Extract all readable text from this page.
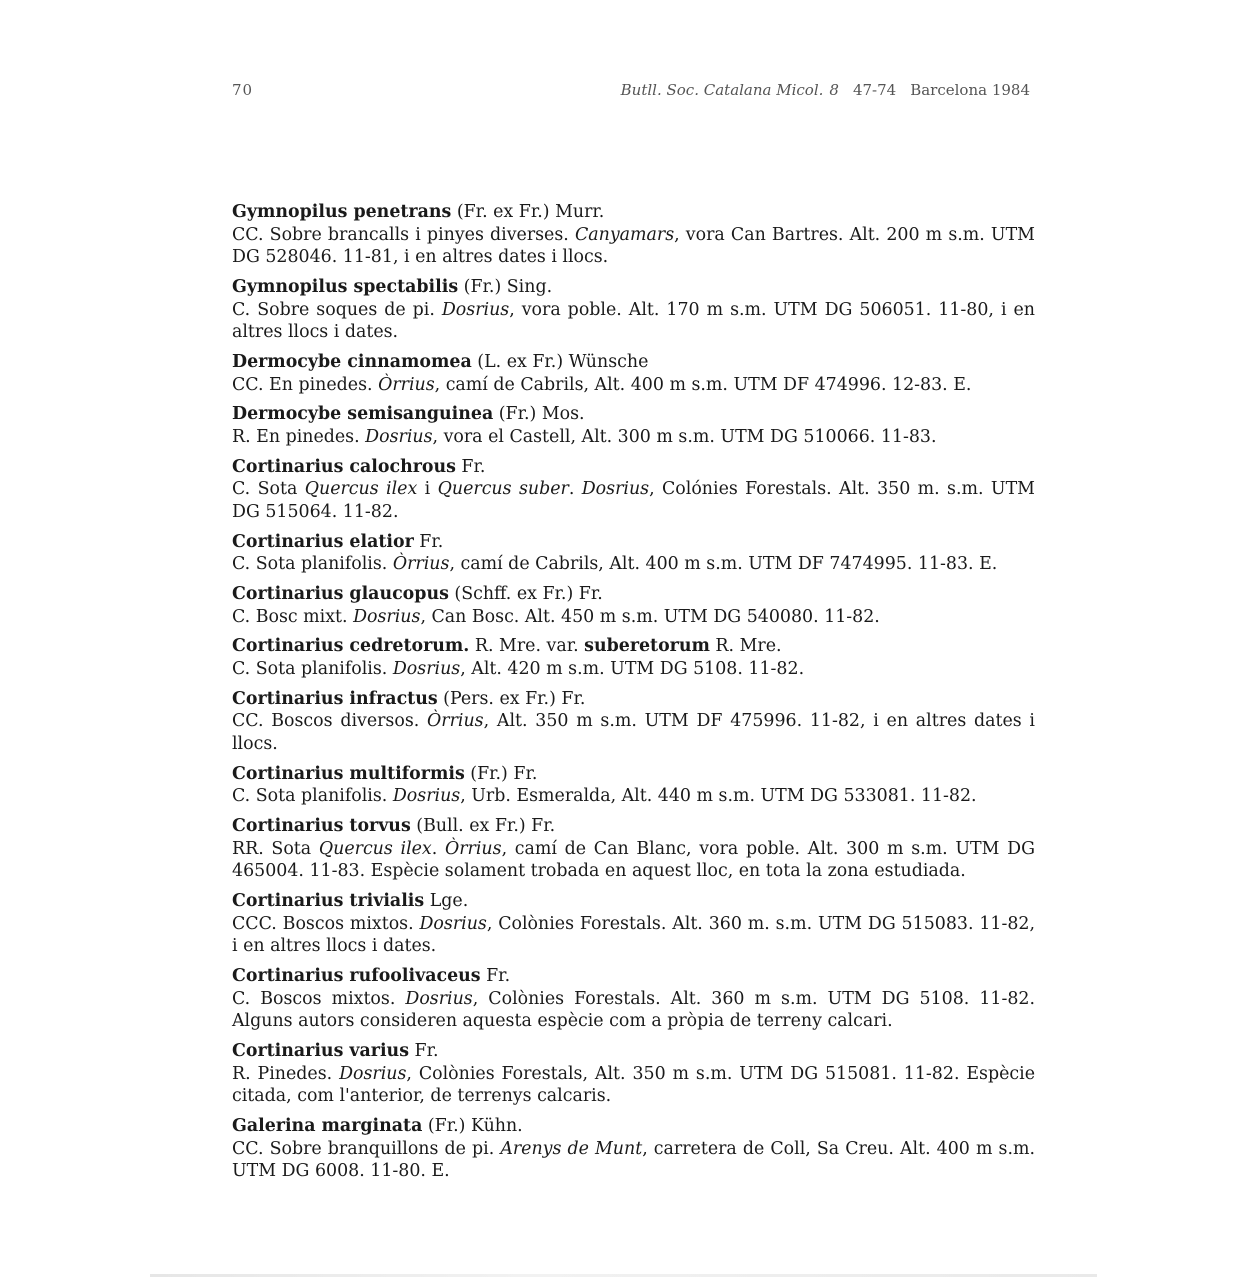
70	Butll. Soc. Catalana Micol. 8 47-74 Barcelona 1984

Gymnopilus penetrans (Fr. ex Fr.) Murr.

CC. Sobre brancalls i pinyes diverses. Canyamars, vora Can Bartres. Alt. 200 m s.m. UTM DG 528046. 11-81, i en altres dates i llocs.

Gymnopilus spectabilis (Fr.) Sing.

C. Sobre soques de pi. Dosrius, vora poble. Alt. 170 m s.m. UTM DG 506051. 11-80, i en altres llocs i dates.

Dermocybe cinnamomea (L. ex Fr.) Wünsche

CC. En pinedes. Òrrius, camí de Cabrils, Alt. 400 m s.m. UTM DF 474996. 12-83. E.

Dermocybe semisanguinea (Fr.) Mos.

R. En pinedes. Dosrius, vora el Castell, Alt. 300 m s.m. UTM DG 510066. 11-83.

Cortinarius calochrous Fr.

C. Sota Quercus ilex i Quercus suber. Dosrius, Colónies Forestals. Alt. 350 m. s.m. UTM DG 515064. 11-82.

Cortinarius elatior Fr.

C. Sota planifolis. Òrrius, camí de Cabrils, Alt. 400 m s.m. UTM DF 7474995. 11-83. E.

Cortinarius glaucopus (Schff. ex Fr.) Fr.

C. Bosc mixt. Dosrius, Can Bosc. Alt. 450 m s.m. UTM DG 540080. 11-82.

Cortinarius cedretorum. R. Mre. var. suberetorum R. Mre.

C. Sota planifolis. Dosrius, Alt. 420 m s.m. UTM DG 5108. 11-82.

Cortinarius infractus (Pers. ex Fr.) Fr.

CC. Boscos diversos. Òrrius, Alt. 350 m s.m. UTM DF 475996. 11-82, i en altres dates i llocs.

Cortinarius multiformis (Fr.) Fr.

C. Sota planifolis. Dosrius, Urb. Esmeralda, Alt. 440 m s.m. UTM DG 533081. 11-82.

Cortinarius torvus (Bull. ex Fr.) Fr.

RR. Sota Quercus ilex. Òrrius, camí de Can Blanc, vora poble. Alt. 300 m s.m. UTM DG 465004. 11-83. Espècie solament trobada en aquest lloc, en tota la zona estudiada.

Cortinarius trivialis Lge.

CCC. Boscos mixtos. Dosrius, Colònies Forestals. Alt. 360 m. s.m. UTM DG 515083. 11-82, i en altres llocs i dates.

Cortinarius rufoolivaceus Fr.

C. Boscos mixtos. Dosrius, Colònies Forestals. Alt. 360 m s.m. UTM DG 5108. 11-82. Alguns autors consideren aquesta espècie com a pròpia de terreny calcari.

Cortinarius varius Fr.

R. Pinedes. Dosrius, Colònies Forestals, Alt. 350 m s.m. UTM DG 515081. 11-82. Espècie citada, com l'anterior, de terrenys calcaris.

Galerina marginata (Fr.) Kühn.

CC. Sobre branquillons de pi. Arenys de Munt, carretera de Coll, Sa Creu. Alt. 400 m s.m. UTM DG 6008. 11-80. E.
